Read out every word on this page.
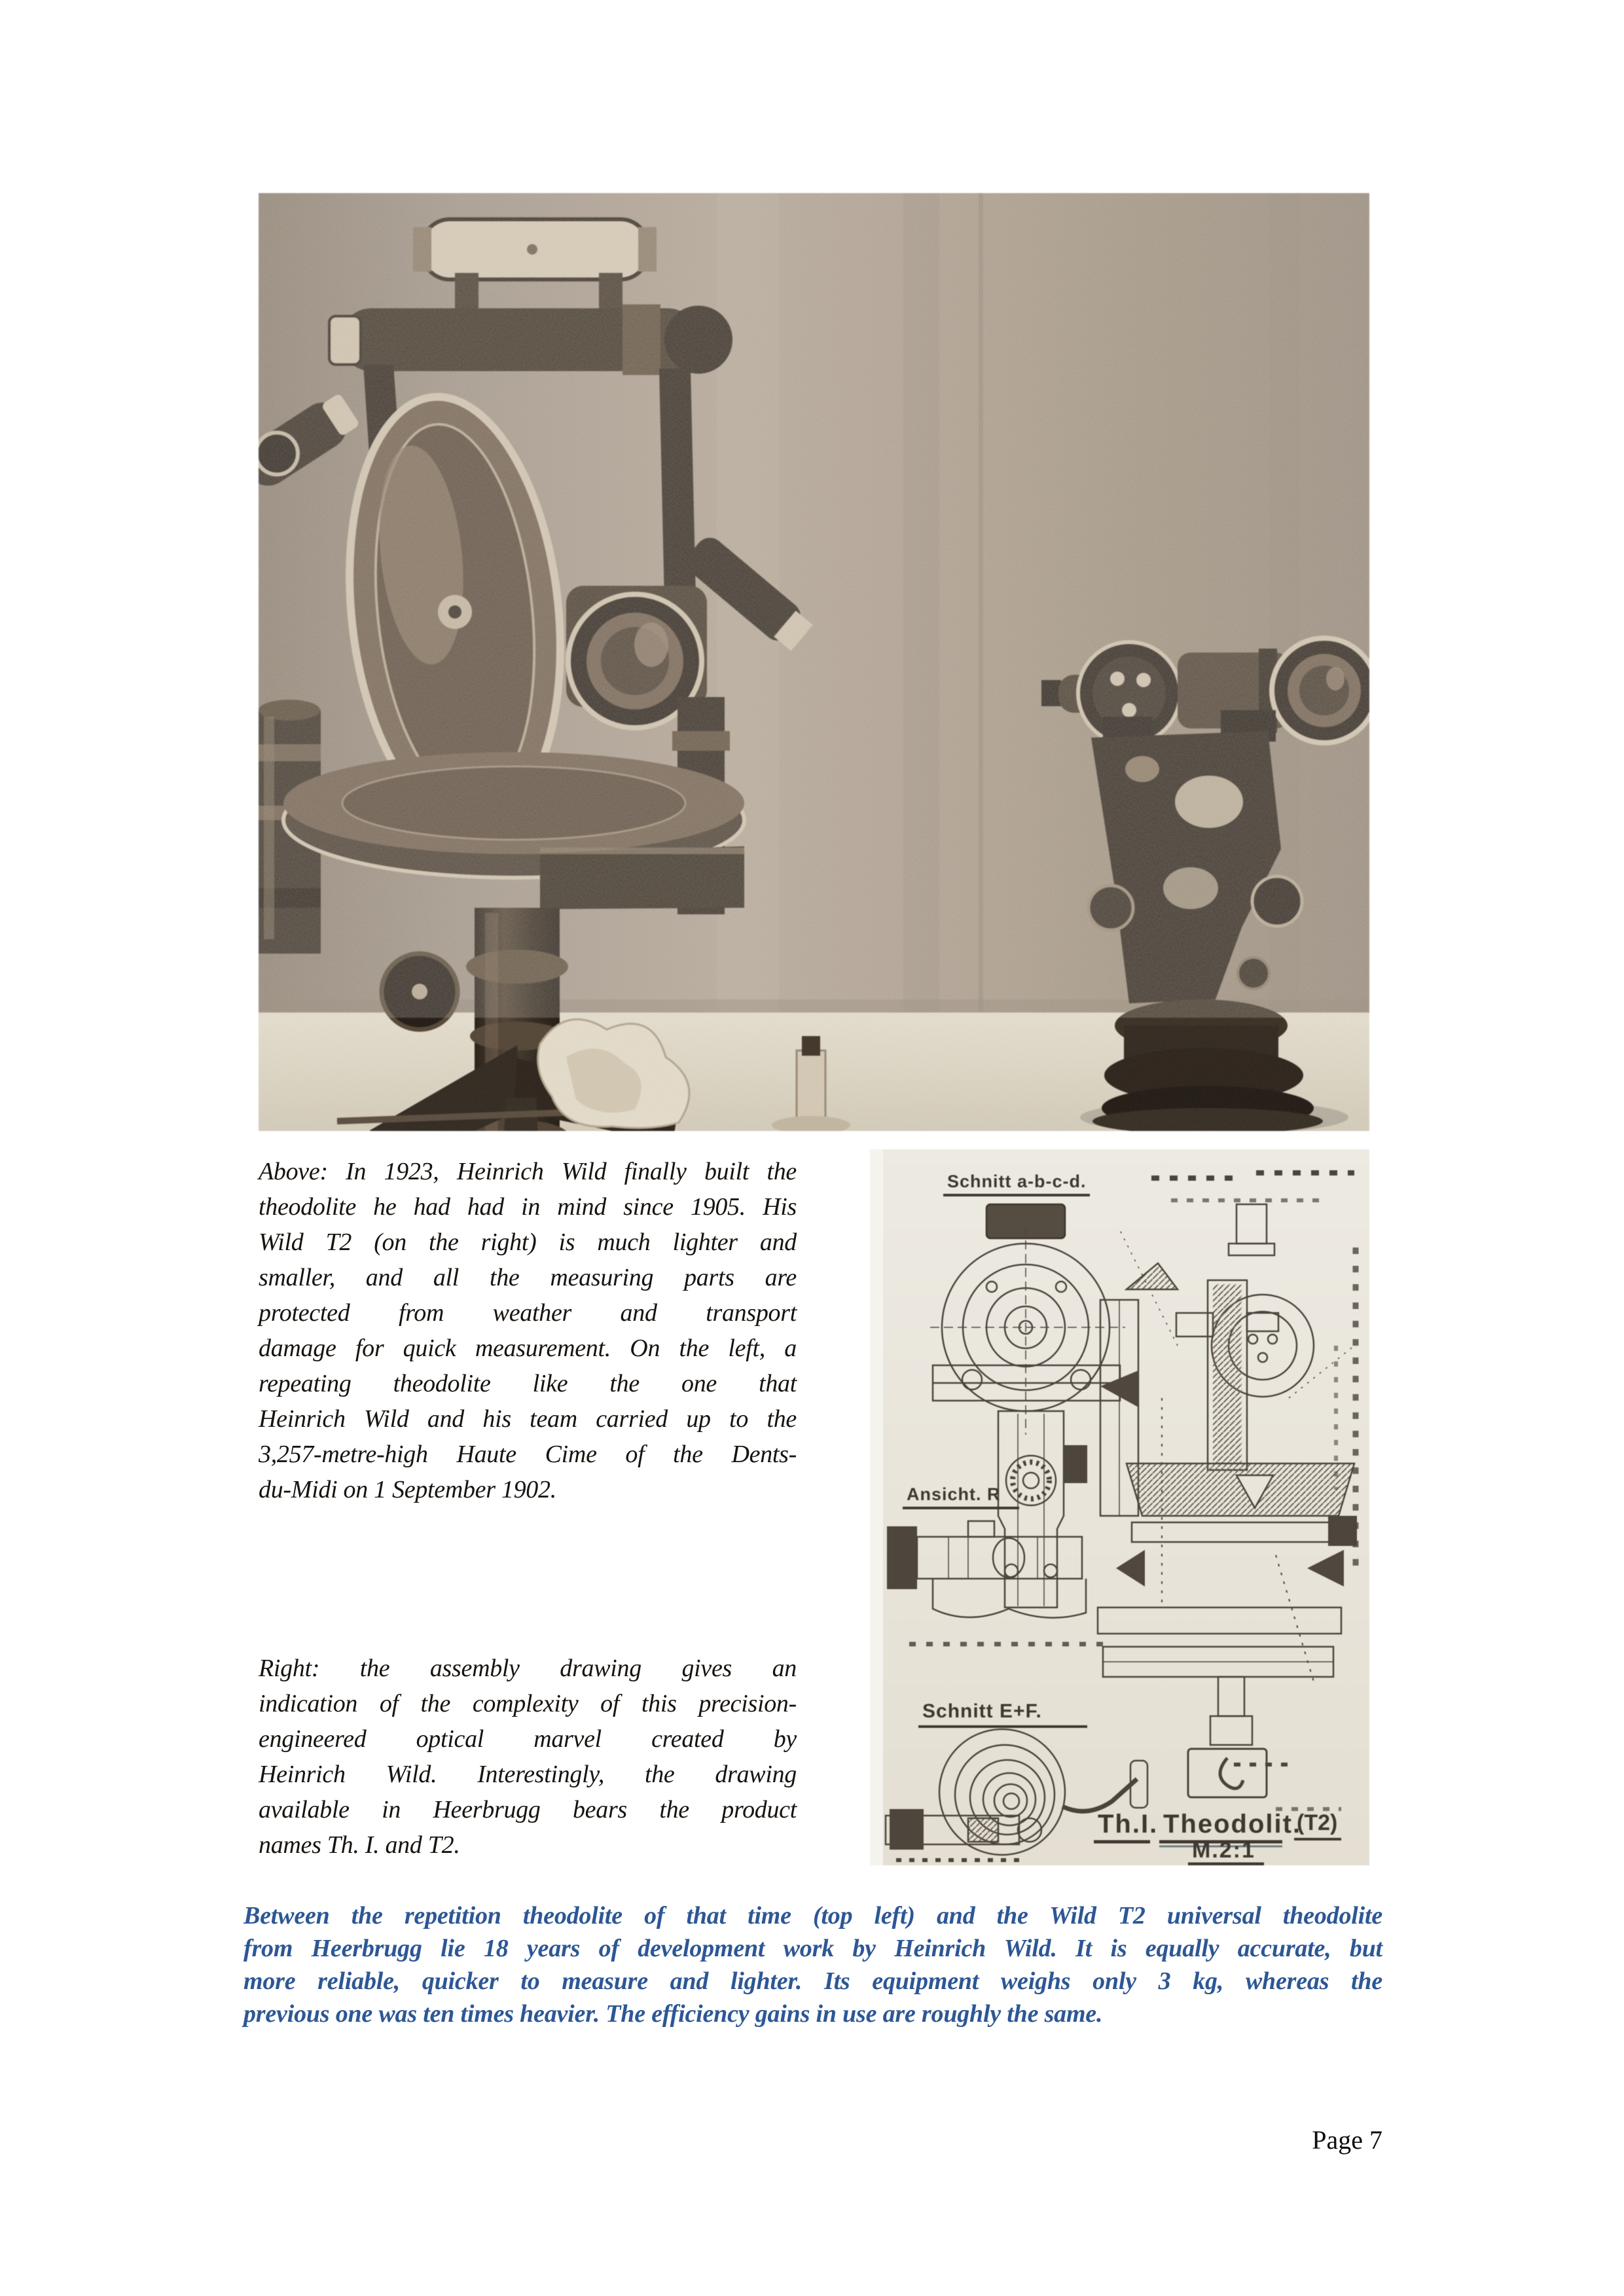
Schnitt a-b-c-d.
Ansicht. R
Schnitt E+F.
Th.I. Theodolit.
(T2)
M.2:1
Above: In 1923, Heinrich Wild finally built the
theodolite he had had in mind since 1905. His
Wild T2 (on the right) is much lighter and
smaller, and all the measuring parts are
protected from weather and transport
damage for quick measurement. On the left, a
repeating theodolite like the one that
Heinrich Wild and his team carried up to the
3,257-metre-high Haute Cime of the Dents-
du-Midi on 1 September 1902.
Right: the assembly drawing gives an
indication of the complexity of this precision-
engineered optical marvel created by
Heinrich Wild. Interestingly, the drawing
available in Heerbrugg bears the product
names Th. I. and T2.
Between the repetition theodolite of that time (top left) and the Wild T2 universal theodolite
from Heerbrugg lie 18 years of development work by Heinrich Wild. It is equally accurate, but
more reliable, quicker to measure and lighter. Its equipment weighs only 3 kg, whereas the
previous one was ten times heavier. The efficiency gains in use are roughly the same.
Page 7
